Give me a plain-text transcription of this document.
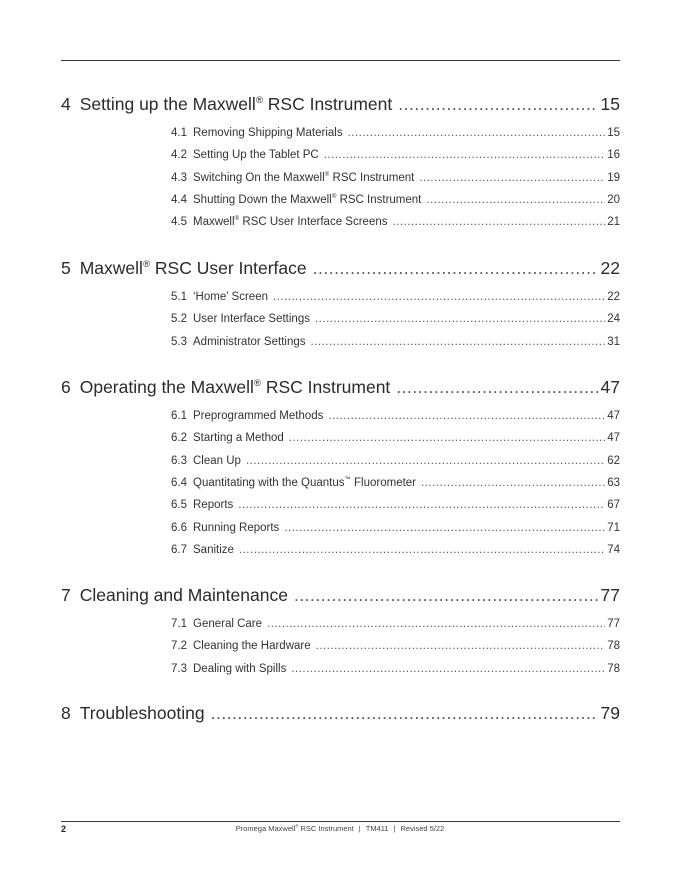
4 Setting up the Maxwell® RSC Instrument .....	15
4.1 Removing Shipping Materials .....	15
4.2 Setting Up the Tablet PC .....	16
4.3 Switching On the Maxwell® RSC Instrument .....	19
4.4 Shutting Down the Maxwell® RSC Instrument .....	20
4.5 Maxwell® RSC User Interface Screens .....	21
5 Maxwell® RSC User Interface .....	22
5.1 ‘Home’ Screen .....	22
5.2 User Interface Settings .....	24
5.3 Administrator Settings .....	31
6 Operating the Maxwell® RSC Instrument .....	47
6.1 Preprogrammed Methods .....	47
6.2 Starting a Method .....	47
6.3 Clean Up .....	62
6.4 Quantitating with the Quantus™ Fluorometer .....	63
6.5 Reports .....	67
6.6 Running Reports .....	71
6.7 Sanitize .....	74
7 Cleaning and Maintenance .....	77
7.1 General Care .....	77
7.2 Cleaning the Hardware .....	78
7.3 Dealing with Spills .....	78
8 Troubleshooting .....	79
2	Promega Maxwell® RSC Instrument | TM411 | Revised 5/22
